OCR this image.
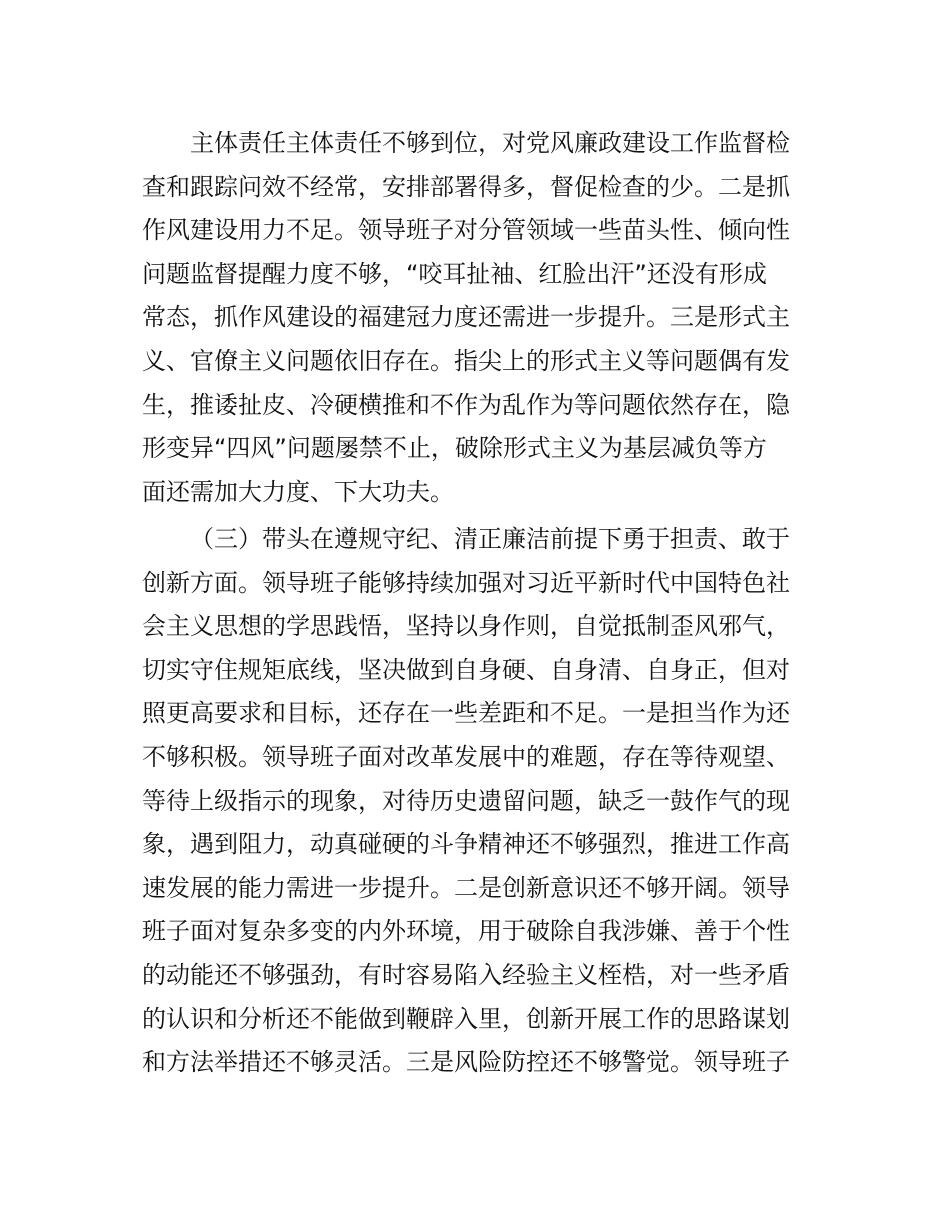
主体责任主体责任不够到位，对党风廉政建设工作监督检
查和跟踪问效不经常，安排部署得多，督促检查的少。二是抓
作风建设用力不足。领导班子对分管领域一些苗头性、倾向性
问题监督提醒力度不够，“咬耳扯袖、红脸出汗”还没有形成
常态，抓作风建设的福建冠力度还需进一步提升。三是形式主
义、官僚主义问题依旧存在。指尖上的形式主义等问题偶有发
生，推诿扯皮、冷硬横推和不作为乱作为等问题依然存在，隐
形变异“四风”问题屡禁不止，破除形式主义为基层减负等方
面还需加大力度、下大功夫。
（三）带头在遵规守纪、清正廉洁前提下勇于担责、敢于
创新方面。领导班子能够持续加强对习近平新时代中国特色社
会主义思想的学思践悟，坚持以身作则，自觉抵制歪风邪气，
切实守住规矩底线，坚决做到自身硬、自身清、自身正，但对
照更高要求和目标，还存在一些差距和不足。一是担当作为还
不够积极。领导班子面对改革发展中的难题，存在等待观望、
等待上级指示的现象，对待历史遗留问题，缺乏一鼓作气的现
象，遇到阻力，动真碰硬的斗争精神还不够强烈，推进工作高
速发展的能力需进一步提升。二是创新意识还不够开阔。领导
班子面对复杂多变的内外环境，用于破除自我涉嫌、善于个性
的动能还不够强劲，有时容易陷入经验主义桎梏，对一些矛盾
的认识和分析还不能做到鞭辟入里，创新开展工作的思路谋划
和方法举措还不够灵活。三是风险防控还不够警觉。领导班子
